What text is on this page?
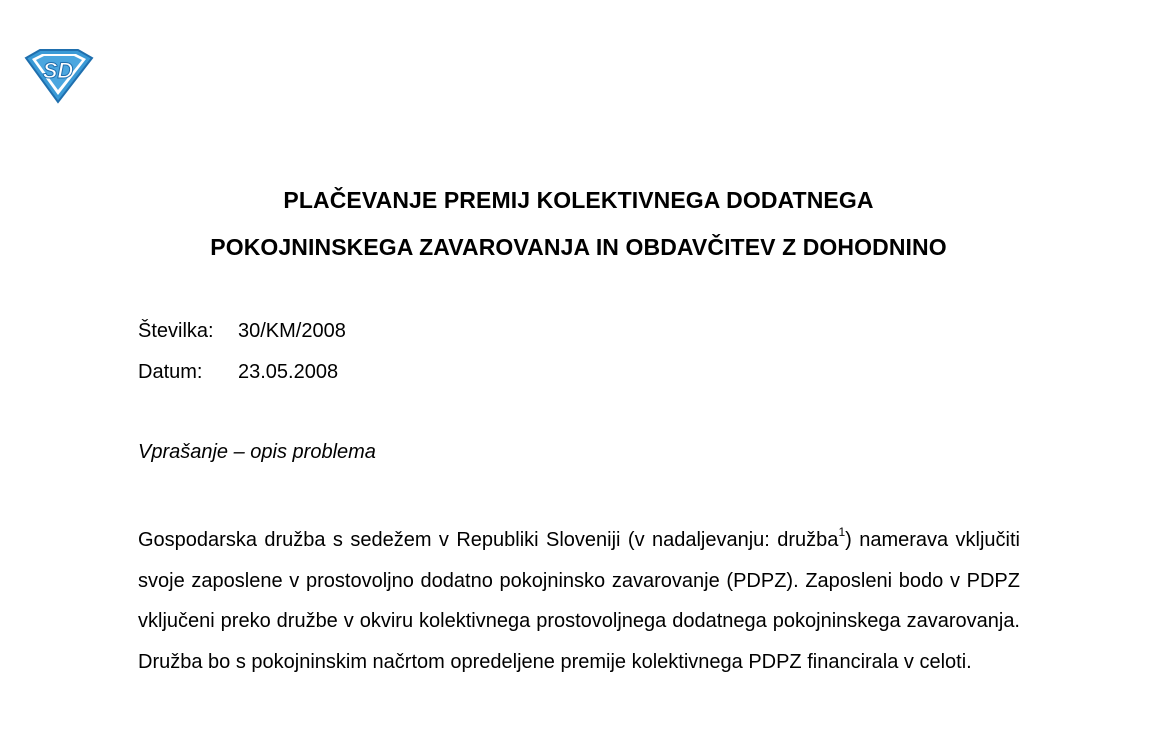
SD
PLAČEVANJE PREMIJ KOLEKTIVNEGA DODATNEGA
POKOJNINSKEGA ZAVAROVANJA IN OBDAVČITEV Z DOHODNINO
Številka: 30/KM/2008
Datum: 23.05.2008
Vprašanje – opis problema
Gospodarska družba s sedežem v Republiki Sloveniji (v nadaljevanju: družba$^1$) namerava vključiti svoje zaposlene v prostovoljno dodatno pokojninsko zavarovanje (PDPZ). Zaposleni bodo v PDPZ vključeni preko družbe v okviru kolektivnega prostovoljnega dodatnega pokojninskega zavarovanja. Družba bo s pokojninskim načrtom opredeljene premije kolektivnega PDPZ financirala v celoti.
